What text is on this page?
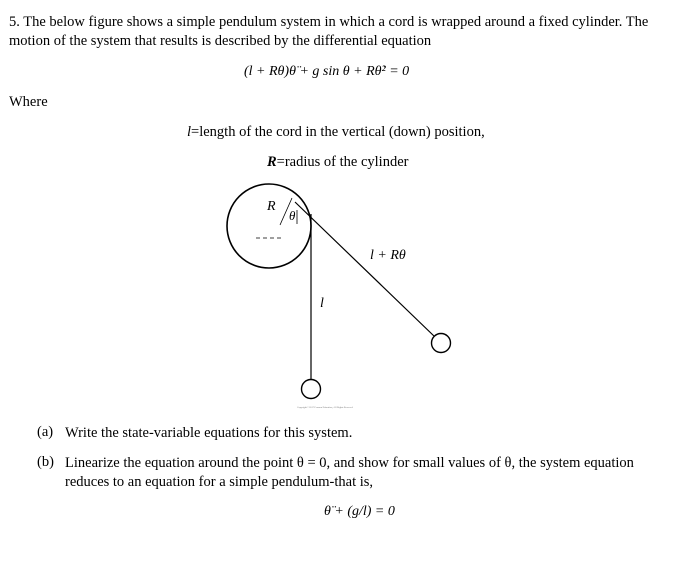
5. The below figure shows a simple pendulum system in which a cord is wrapped around a fixed cylinder. The
motion of the system that results is described by the differential equation
(l + Rθ)θ̈ + g sin θ + Rθ̇² = 0
Where
l=length of the cord in the vertical (down) position,
R=radius of the cylinder
R
θ
l + Rθ
l
Copyright ©2017 Pearson Education, All Rights Reserved
(a) Write the state-variable equations for this system.
(b) Linearize the equation around the point θ = 0, and show for small values of θ, the system equation
reduces to an equation for a simple pendulum-that is,
θ̈ + (g/l) = 0
